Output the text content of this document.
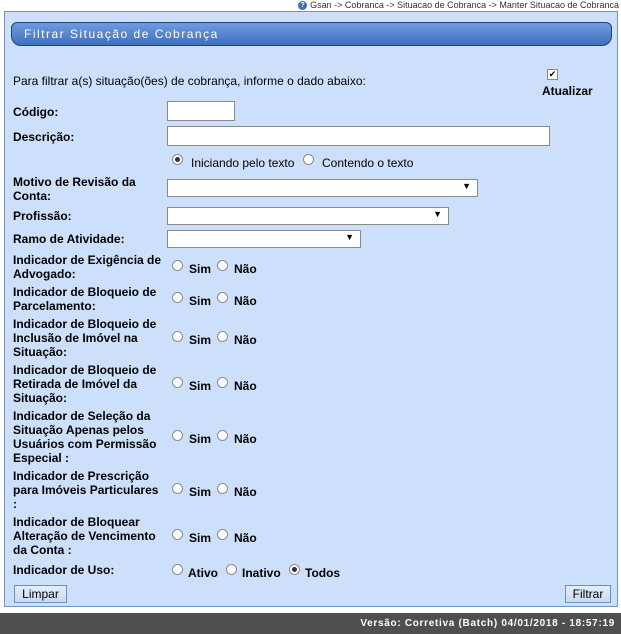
? Gsan -> Cobranca -> Situacao de Cobranca -> Manter Situacao de Cobranca
Filtrar Situação de Cobrança
Para filtrar a(s) situação(ões) de cobrança, informe o dado abaixo:	✔
Atualizar
Código:
Descrição:
Iniciando pelo texto Contendo o texto
Motivo de Revisão da Conta:
▼
Profissão:	▼
Ramo de Atividade:	▼
Indicador de Exigência de Advogado:	Sim Não
Indicador de Bloqueio de Parcelamento:	Sim Não
Indicador de Bloqueio de Inclusão de Imóvel na Situação:
Sim Não
Indicador de Bloqueio de Retirada de Imóvel da Situação:
Sim Não
Indicador de Seleção da Situação Apenas pelos Usuários com Permissão Especial :
Sim Não
Indicador de Prescrição para Imóveis Particulares :
Sim Não
Indicador de Bloquear Alteração de Vencimento da Conta :
Sim Não
Indicador de Uso:	Ativo Inativo Todos
Limpar	Filtrar
Versão: Corretiva (Batch) 04/01/2018 - 18:57:19
